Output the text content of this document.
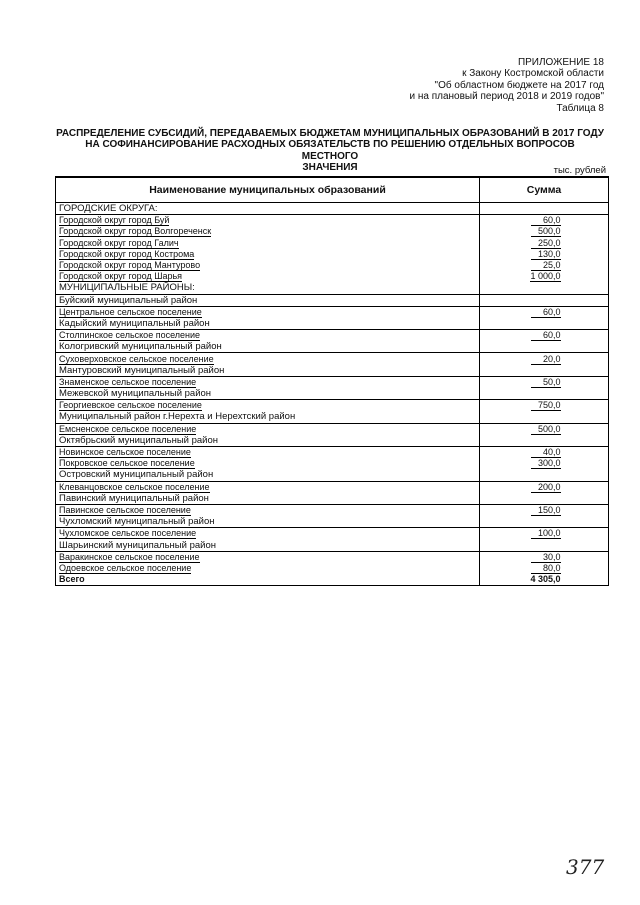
ПРИЛОЖЕНИЕ 18
к Закону Костромской области
"Об областном бюджете на 2017 год
и на плановый период 2018 и 2019 годов"
Таблица 8
РАСПРЕДЕЛЕНИЕ СУБСИДИЙ, ПЕРЕДАВАЕМЫХ БЮДЖЕТАМ МУНИЦИПАЛЬНЫХ ОБРАЗОВАНИЙ В 2017 ГОДУ
НА СОФИНАНСИРОВАНИЕ РАСХОДНЫХ ОБЯЗАТЕЛЬСТВ ПО РЕШЕНИЮ ОТДЕЛЬНЫХ ВОПРОСОВ МЕСТНОГО
ЗНАЧЕНИЯ	тыс. рублей
Наименование муниципальных образований	Сумма
ГОРОДСКИЕ ОКРУГА:	
Городской округ город Буй	60,0
Городской округ город Волгореченск	500,0
Городской округ город Галич	250,0
Городской округ город Кострома	130,0
Городской округ город Мантурово	25,0
Городской округ город Шарья	1 000,0
МУНИЦИПАЛЬНЫЕ РАЙОНЫ:	
Буйский муниципальный район	
Центральное сельское поселение	60,0
Кадыйский муниципальный район	
Столпинское сельское поселение	60,0
Кологривский муниципальный район	
Суховерховское сельское поселение	20,0
Мантуровский муниципальный район	
Знаменское сельское поселение	50,0
Межевской муниципальный район	
Георгиевское сельское поселение	750,0
Муниципальный район г.Нерехта и Нерехтский район	
Емсненское сельское поселение	500,0
Октябрьский муниципальный район	
Новинское сельское поселение	40,0
Покровское сельское поселение	300,0
Островский муниципальный район	
Клеванцовское сельское поселение	200,0
Павинский муниципальный район	
Павинское сельское поселение	150,0
Чухломский муниципальный район	
Чухломское сельское поселение	100,0
Шарьинский муниципальный район	
Варакинское сельское поселение	30,0
Одоевское сельское поселение	80,0
Всего	4 305,0
377
